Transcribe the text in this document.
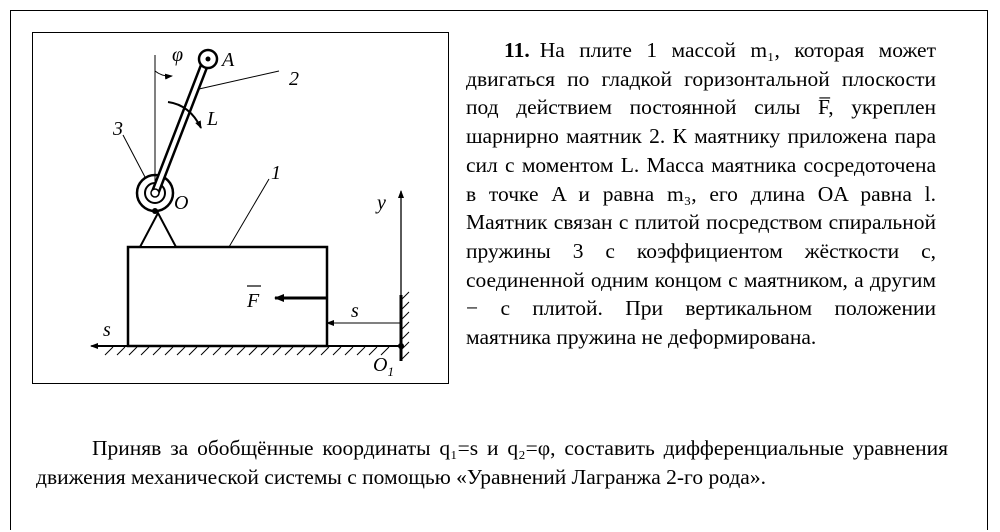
s
y
$O_1$
s
F
1
O
A
φ
L
2
3
11. На плите 1 массой m₁, которая может двигаться по гладкой горизонтальной плоскости под действием постоянной силы F̅, укреплен шарнирно маятник 2. К маятнику приложена пара сил с моментом L. Масса маятника сосредоточена в точке A и равна m₃, его длина OA равна l. Маятник связан с плитой посредством спиральной пружины 3 с коэффициентом жёсткости c, соединенной одним концом с маятником, а другим − с плитой. При вертикальном положении маятника пружина не деформирована.
Приняв за обобщённые координаты q₁=s и q₂=φ, составить дифференциальные уравнения движения механической системы с помощью «Уравнений Лагранжа 2-го рода».
